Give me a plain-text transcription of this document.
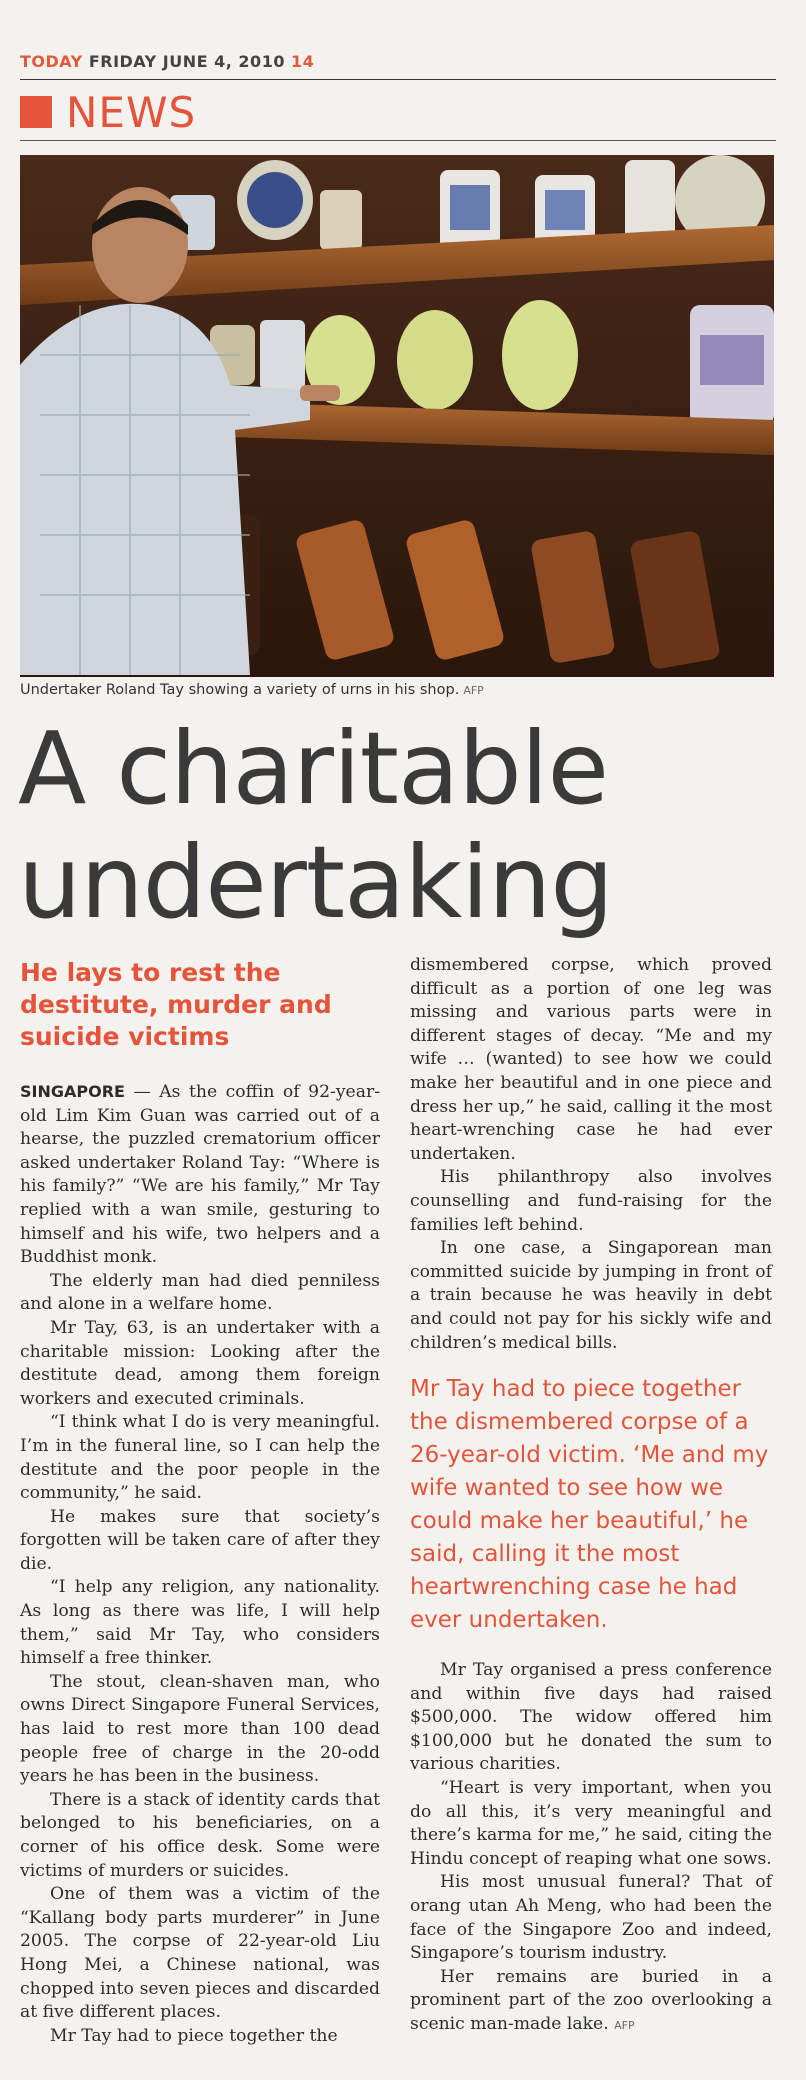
TODAY FRIDAY JUNE 4, 2010 14
NEWS
Undertaker Roland Tay showing a variety of urns in his shop. AFP
A charitable
undertaking
He lays to rest the destitute, murder and suicide victims

SINGAPORE — As the coffin of 92-year-old Lim Kim Guan was carried out of a hearse, the puzzled crematorium officer asked undertaker Roland Tay: “Where is his family?” “We are his family,” Mr Tay replied with a wan smile, gesturing to himself and his wife, two helpers and a Buddhist monk.

The elderly man had died penniless and alone in a welfare home.

Mr Tay, 63, is an undertaker with a charitable mission: Looking after the destitute dead, among them foreign workers and executed criminals.

“I think what I do is very meaningful. I’m in the funeral line, so I can help the destitute and the poor people in the community,” he said.

He makes sure that society’s forgotten will be taken care of after they die.

“I help any religion, any nationality. As long as there was life, I will help them,” said Mr Tay, who considers himself a free thinker.

The stout, clean-shaven man, who owns Direct Singapore Funeral Services, has laid to rest more than 100 dead people free of charge in the 20-odd years he has been in the business.

There is a stack of identity cards that belonged to his beneficiaries, on a corner of his office desk. Some were victims of murders or suicides.

One of them was a victim of the “Kallang body parts murderer” in June 2005. The corpse of 22-year-old Liu Hong Mei, a Chinese national, was chopped into seven pieces and discarded at five different places.

Mr Tay had to piece together the

dismembered corpse, which proved difficult as a portion of one leg was missing and various parts were in different stages of decay. “Me and my wife … (wanted) to see how we could make her beautiful and in one piece and dress her up,” he said, calling it the most heart-wrenching case he had ever undertaken.

His philanthropy also involves counselling and fund-raising for the families left behind.

In one case, a Singaporean man committed suicide by jumping in front of a train because he was heavily in debt and could not pay for his sickly wife and children’s medical bills.

Mr Tay had to piece together the dismembered corpse of a 26-year-old victim. ‘Me and my wife wanted to see how we could make her beautiful,’ he said, calling it the most heartwrenching case he had ever undertaken.

Mr Tay organised a press conference and within five days had raised $500,000. The widow offered him $100,000 but he donated the sum to various charities.

“Heart is very important, when you do all this, it’s very meaningful and there’s karma for me,” he said, citing the Hindu concept of reaping what one sows.

His most unusual funeral? That of orang utan Ah Meng, who had been the face of the Singapore Zoo and indeed, Singapore’s tourism industry.

Her remains are buried in a prominent part of the zoo overlooking a scenic man-made lake. AFP
